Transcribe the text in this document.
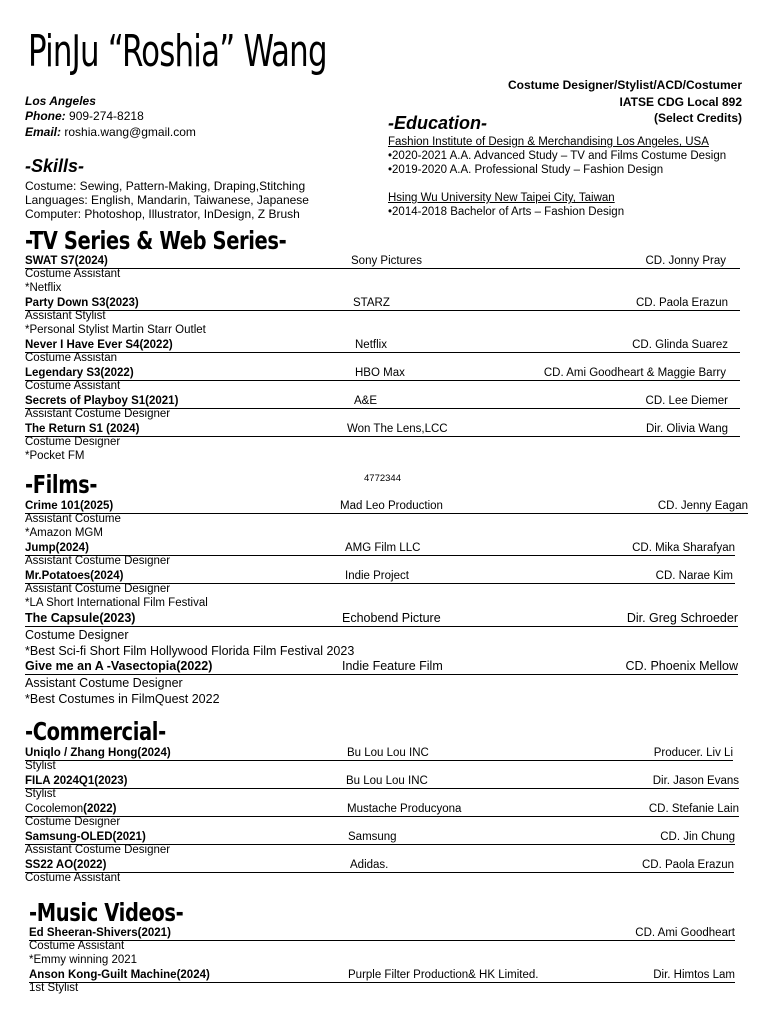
PinJu “Roshia” Wang
Los Angeles
Phone: 909-274-8218
Email: roshia.wang@gmail.com
Costume Designer/Stylist/ACD/Costumer
IATSE CDG Local 892
(Select Credits)
-Skills-
Costume: Sewing, Pattern-Making, Draping,Stitching
Languages: English, Mandarin, Taiwanese, Japanese
Computer: Photoshop, Illustrator, InDesign, Z Brush
-Education-
Fashion Institute of Design & Merchandising Los Angeles, USA
•2020-2021 A.A. Advanced Study – TV and Films Costume Design
•2019-2020 A.A. Professional Study – Fashion Design
Hsing Wu University New Taipei City, Taiwan
•2014-2018 Bachelor of Arts – Fashion Design
-TV Series & Web Series-
SWAT S7(2024)	Sony Pictures	CD. Jonny Pray
Costume Assistant
*Netflix
Party Down S3(2023)	STARZ	CD. Paola Erazun
Assistant Stylist
*Personal Stylist Martin Starr Outlet
Never I Have Ever S4(2022)	Netflix	CD. Glinda Suarez
Costume Assistan
Legendary S3(2022)	HBO Max	CD. Ami Goodheart & Maggie Barry
Costume Assistant
Secrets of Playboy S1(2021)	A&E	CD. Lee Diemer
Assistant Costume Designer
The Return S1 (2024)	Won The Lens,LCC	Dir. Olivia Wang
Costume Designer
*Pocket FM
4772344
-Films-
Crime 101(2025)	Mad Leo Production	CD. Jenny Eagan
Assistant Costume
*Amazon MGM
Jump(2024)	AMG Film LLC	CD. Mika Sharafyan
Assistant Costume Designer
Mr.Potatoes(2024)	Indie Project	CD. Narae Kim
Assistant Costume Designer
*LA Short International Film Festival
The Capsule(2023)	Echobend Picture	Dir. Greg Schroeder
Costume Designer
*Best Sci-fi Short Film Hollywood Florida Film Festival 2023
Give me an A -Vasectopia(2022)	Indie Feature Film	CD. Phoenix Mellow
Assistant Costume Designer
*Best Costumes in FilmQuest 2022
-Commercial-
Uniqlo / Zhang Hong(2024)	Bu Lou Lou INC	Producer. Liv Li
Stylist
FILA 2024Q1(2023)	Bu Lou Lou INC	Dir. Jason Evans
Stylist
Cocolemon(2022)	Mustache Producyona	CD. Stefanie Lain
Costume Designer
Samsung-OLED(2021)	Samsung	CD. Jin Chung
Assistant Costume Designer
SS22 AO(2022)	Adidas.	CD. Paola Erazun
Costume Assistant
-Music Videos-
Ed Sheeran-Shivers(2021)	CD. Ami Goodheart
Costume Assistant
*Emmy winning 2021
Anson Kong-Guilt Machine(2024)	Purple Filter Production& HK Limited.	Dir. Himtos Lam
1st Stylist
